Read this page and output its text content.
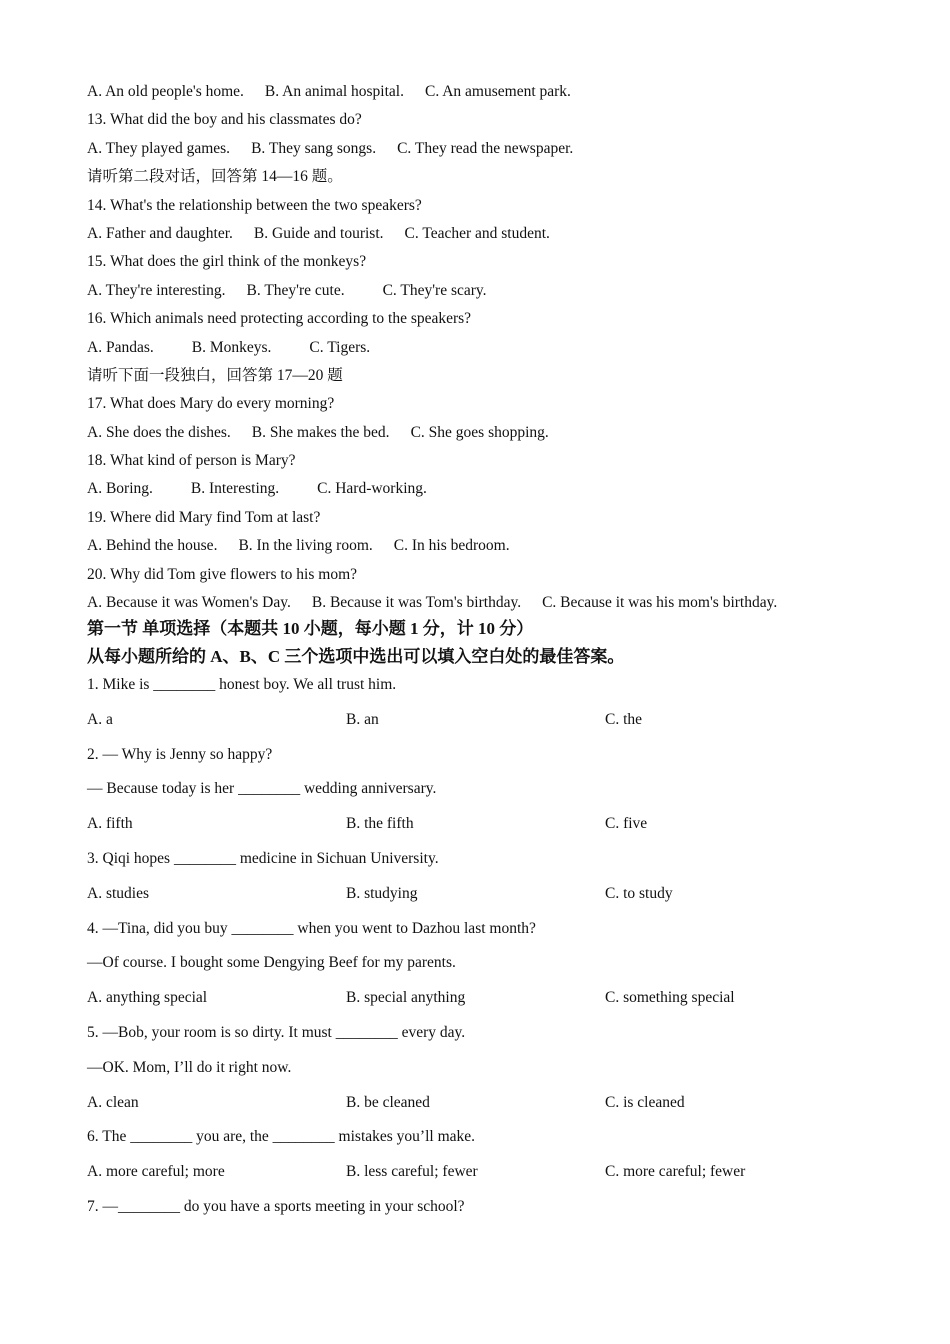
A. An old people's home. B. An animal hospital. C. An amusement park.
13. What did the boy and his classmates do?
A. They played games. B. They sang songs. C. They read the newspaper.
请听第二段对话，回答第 14—16 题。
14. What's the relationship between the two speakers?
A. Father and daughter. B. Guide and tourist. C. Teacher and student.
15. What does the girl think of the monkeys?
A. They're interesting. B. They're cute. C. They're scary.
16. Which animals need protecting according to the speakers?
A. Pandas. B. Monkeys. C. Tigers.
请听下面一段独白，回答第 17—20 题
17. What does Mary do every morning?
A. She does the dishes. B. She makes the bed. C. She goes shopping.
18. What kind of person is Mary?
A. Boring. B. Interesting. C. Hard-working.
19. Where did Mary find Tom at last?
A. Behind the house. B. In the living room. C. In his bedroom.
20. Why did Tom give flowers to his mom?
A. Because it was Women's Day. B. Because it was Tom's birthday. C. Because it was his mom's birthday.
第一节 单项选择（本题共 10 小题，每小题 1 分，计 10 分）
从每小题所给的 A、B、C 三个选项中选出可以填入空白处的最佳答案。
1. Mike is ________ honest boy. We all trust him.
A. a	B. an	C. the
2. — Why is Jenny so happy?
— Because today is her ________ wedding anniversary.
A. fifth	B. the fifth	C. five
3. Qiqi hopes ________ medicine in Sichuan University.
A. studies	B. studying	C. to study
4. —Tina, did you buy ________ when you went to Dazhou last month?
—Of course. I bought some Dengying Beef for my parents.
A. anything special	B. special anything	C. something special
5. —Bob, your room is so dirty. It must ________ every day.
—OK. Mom, I’ll do it right now.
A. clean	B. be cleaned	C. is cleaned
6. The ________ you are, the ________ mistakes you’ll make.
A. more careful; more	B. less careful; fewer	C. more careful; fewer
7. —________ do you have a sports meeting in your school?
